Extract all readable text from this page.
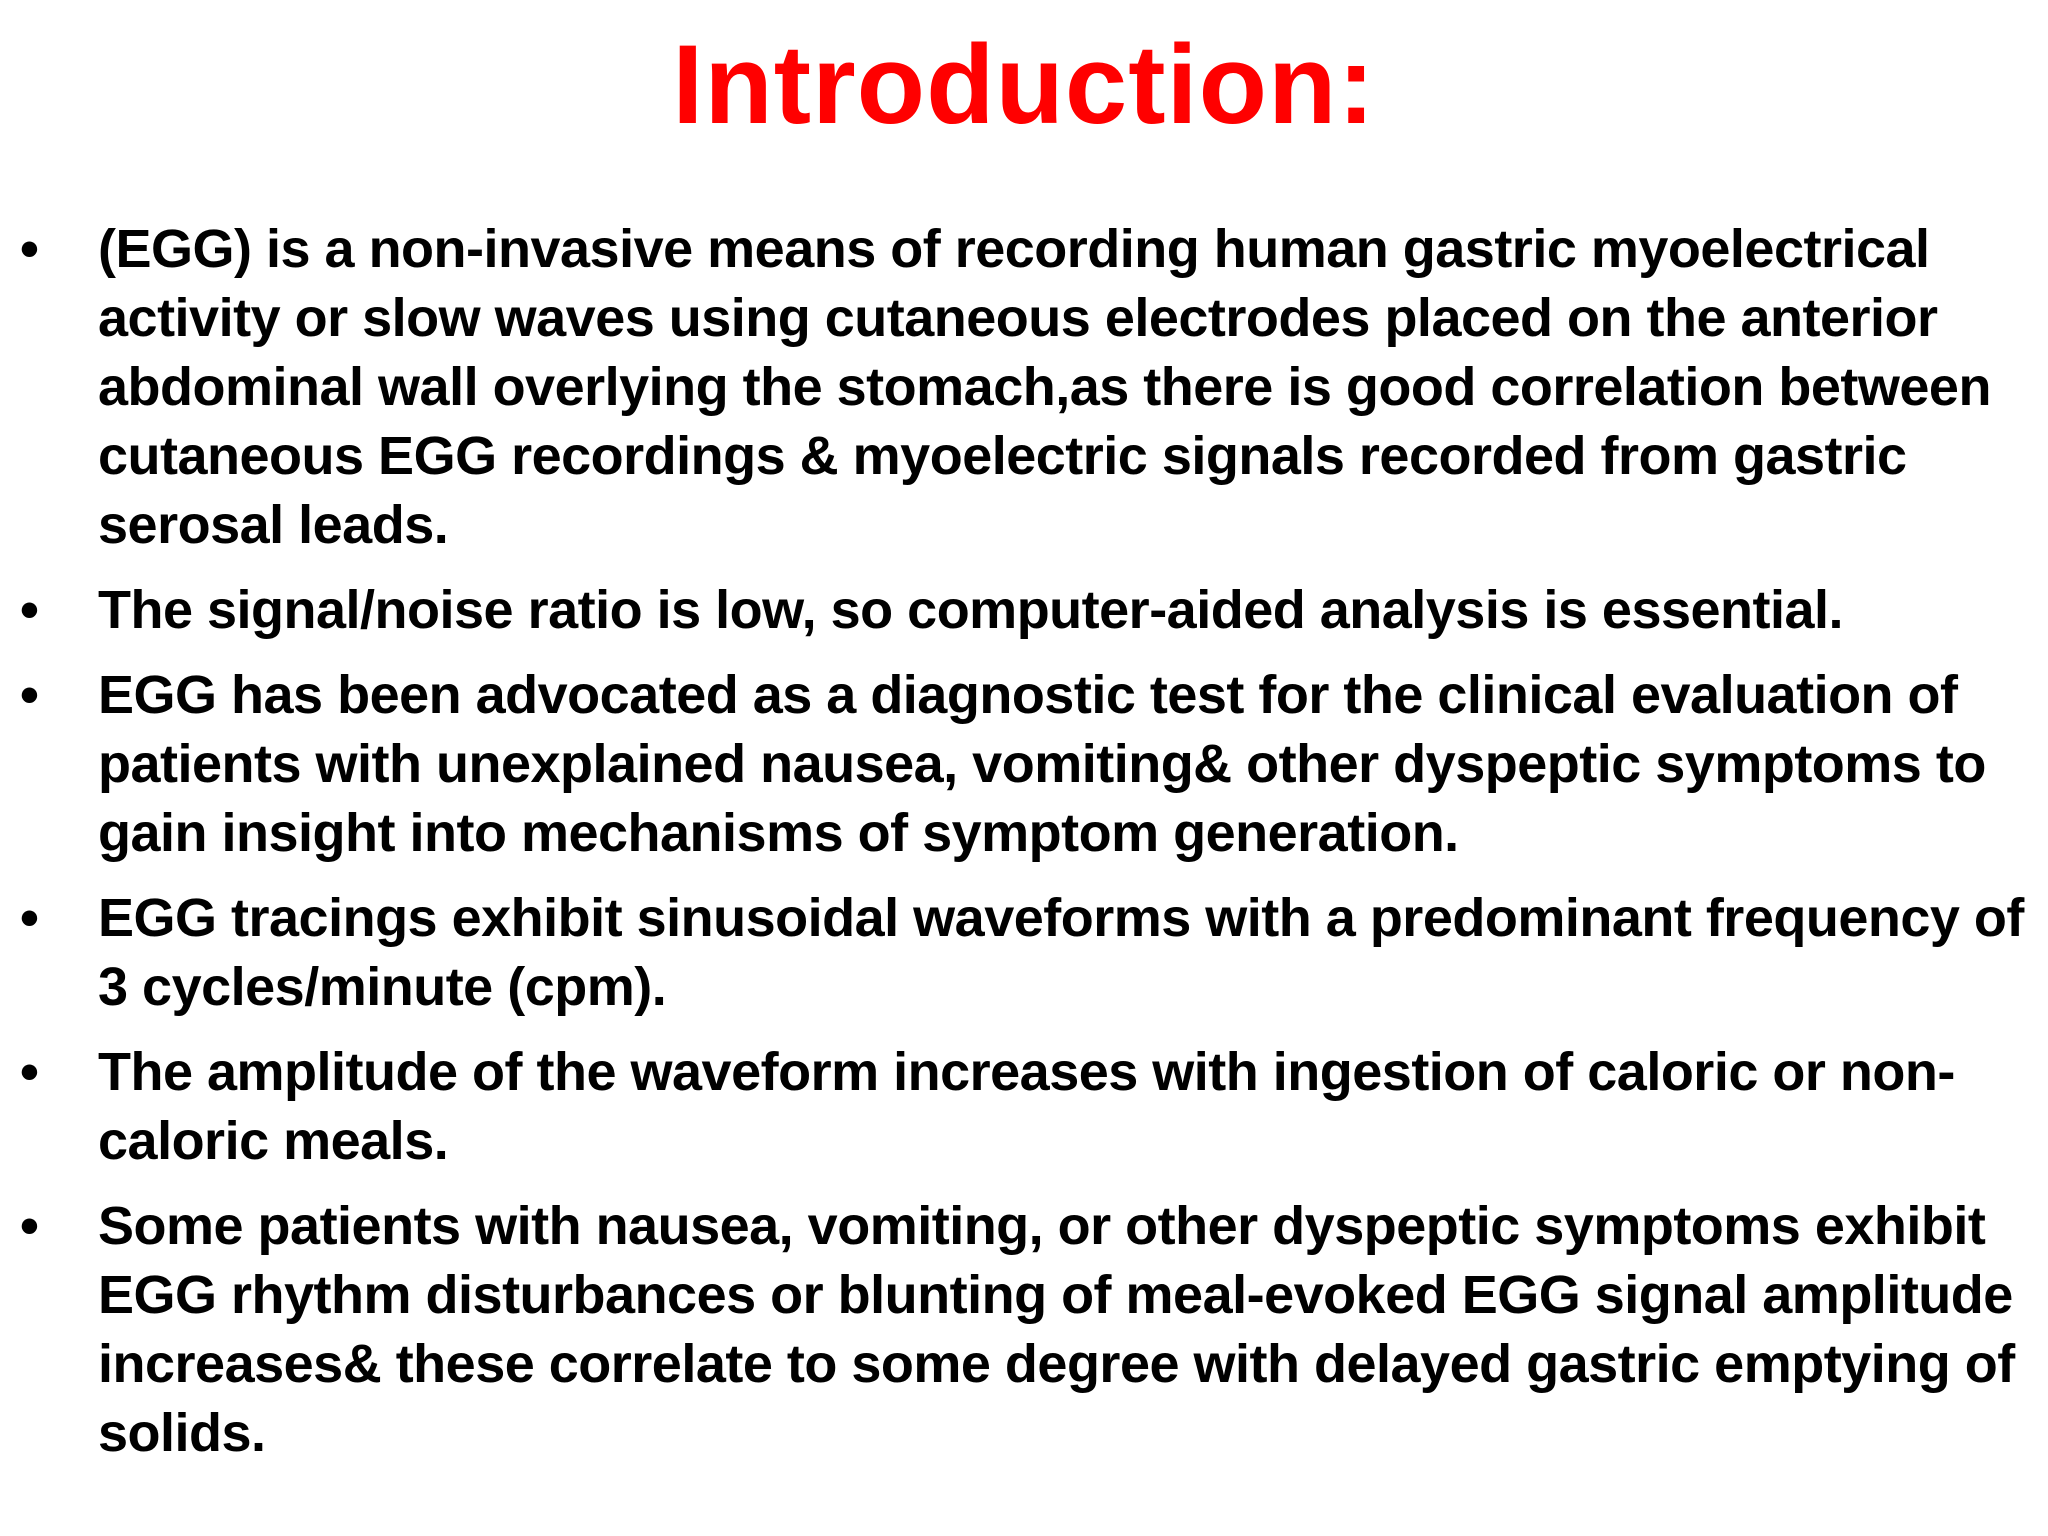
Introduction:
•	(EGG) is a non-invasive means of recording human gastric myoelectrical activity or slow waves using cutaneous electrodes placed on the anterior abdominal wall overlying the stomach,as there is good correlation between cutaneous EGG recordings & myoelectric signals recorded from gastric serosal leads.
•	The signal/noise ratio is low, so computer-aided analysis is essential.
•	EGG has been advocated as a diagnostic test for the clinical evaluation of patients with unexplained nausea, vomiting& other dyspeptic symptoms to gain insight into mechanisms of symptom generation.
•	EGG tracings exhibit sinusoidal waveforms with a predominant frequency of 3 cycles/minute (cpm).
•	The amplitude of the waveform increases with ingestion of caloric or non-caloric meals.
•	Some patients with nausea, vomiting, or other dyspeptic symptoms exhibit EGG rhythm disturbances or blunting of meal-evoked EGG signal amplitude increases& these correlate to some degree with delayed gastric emptying of solids.
